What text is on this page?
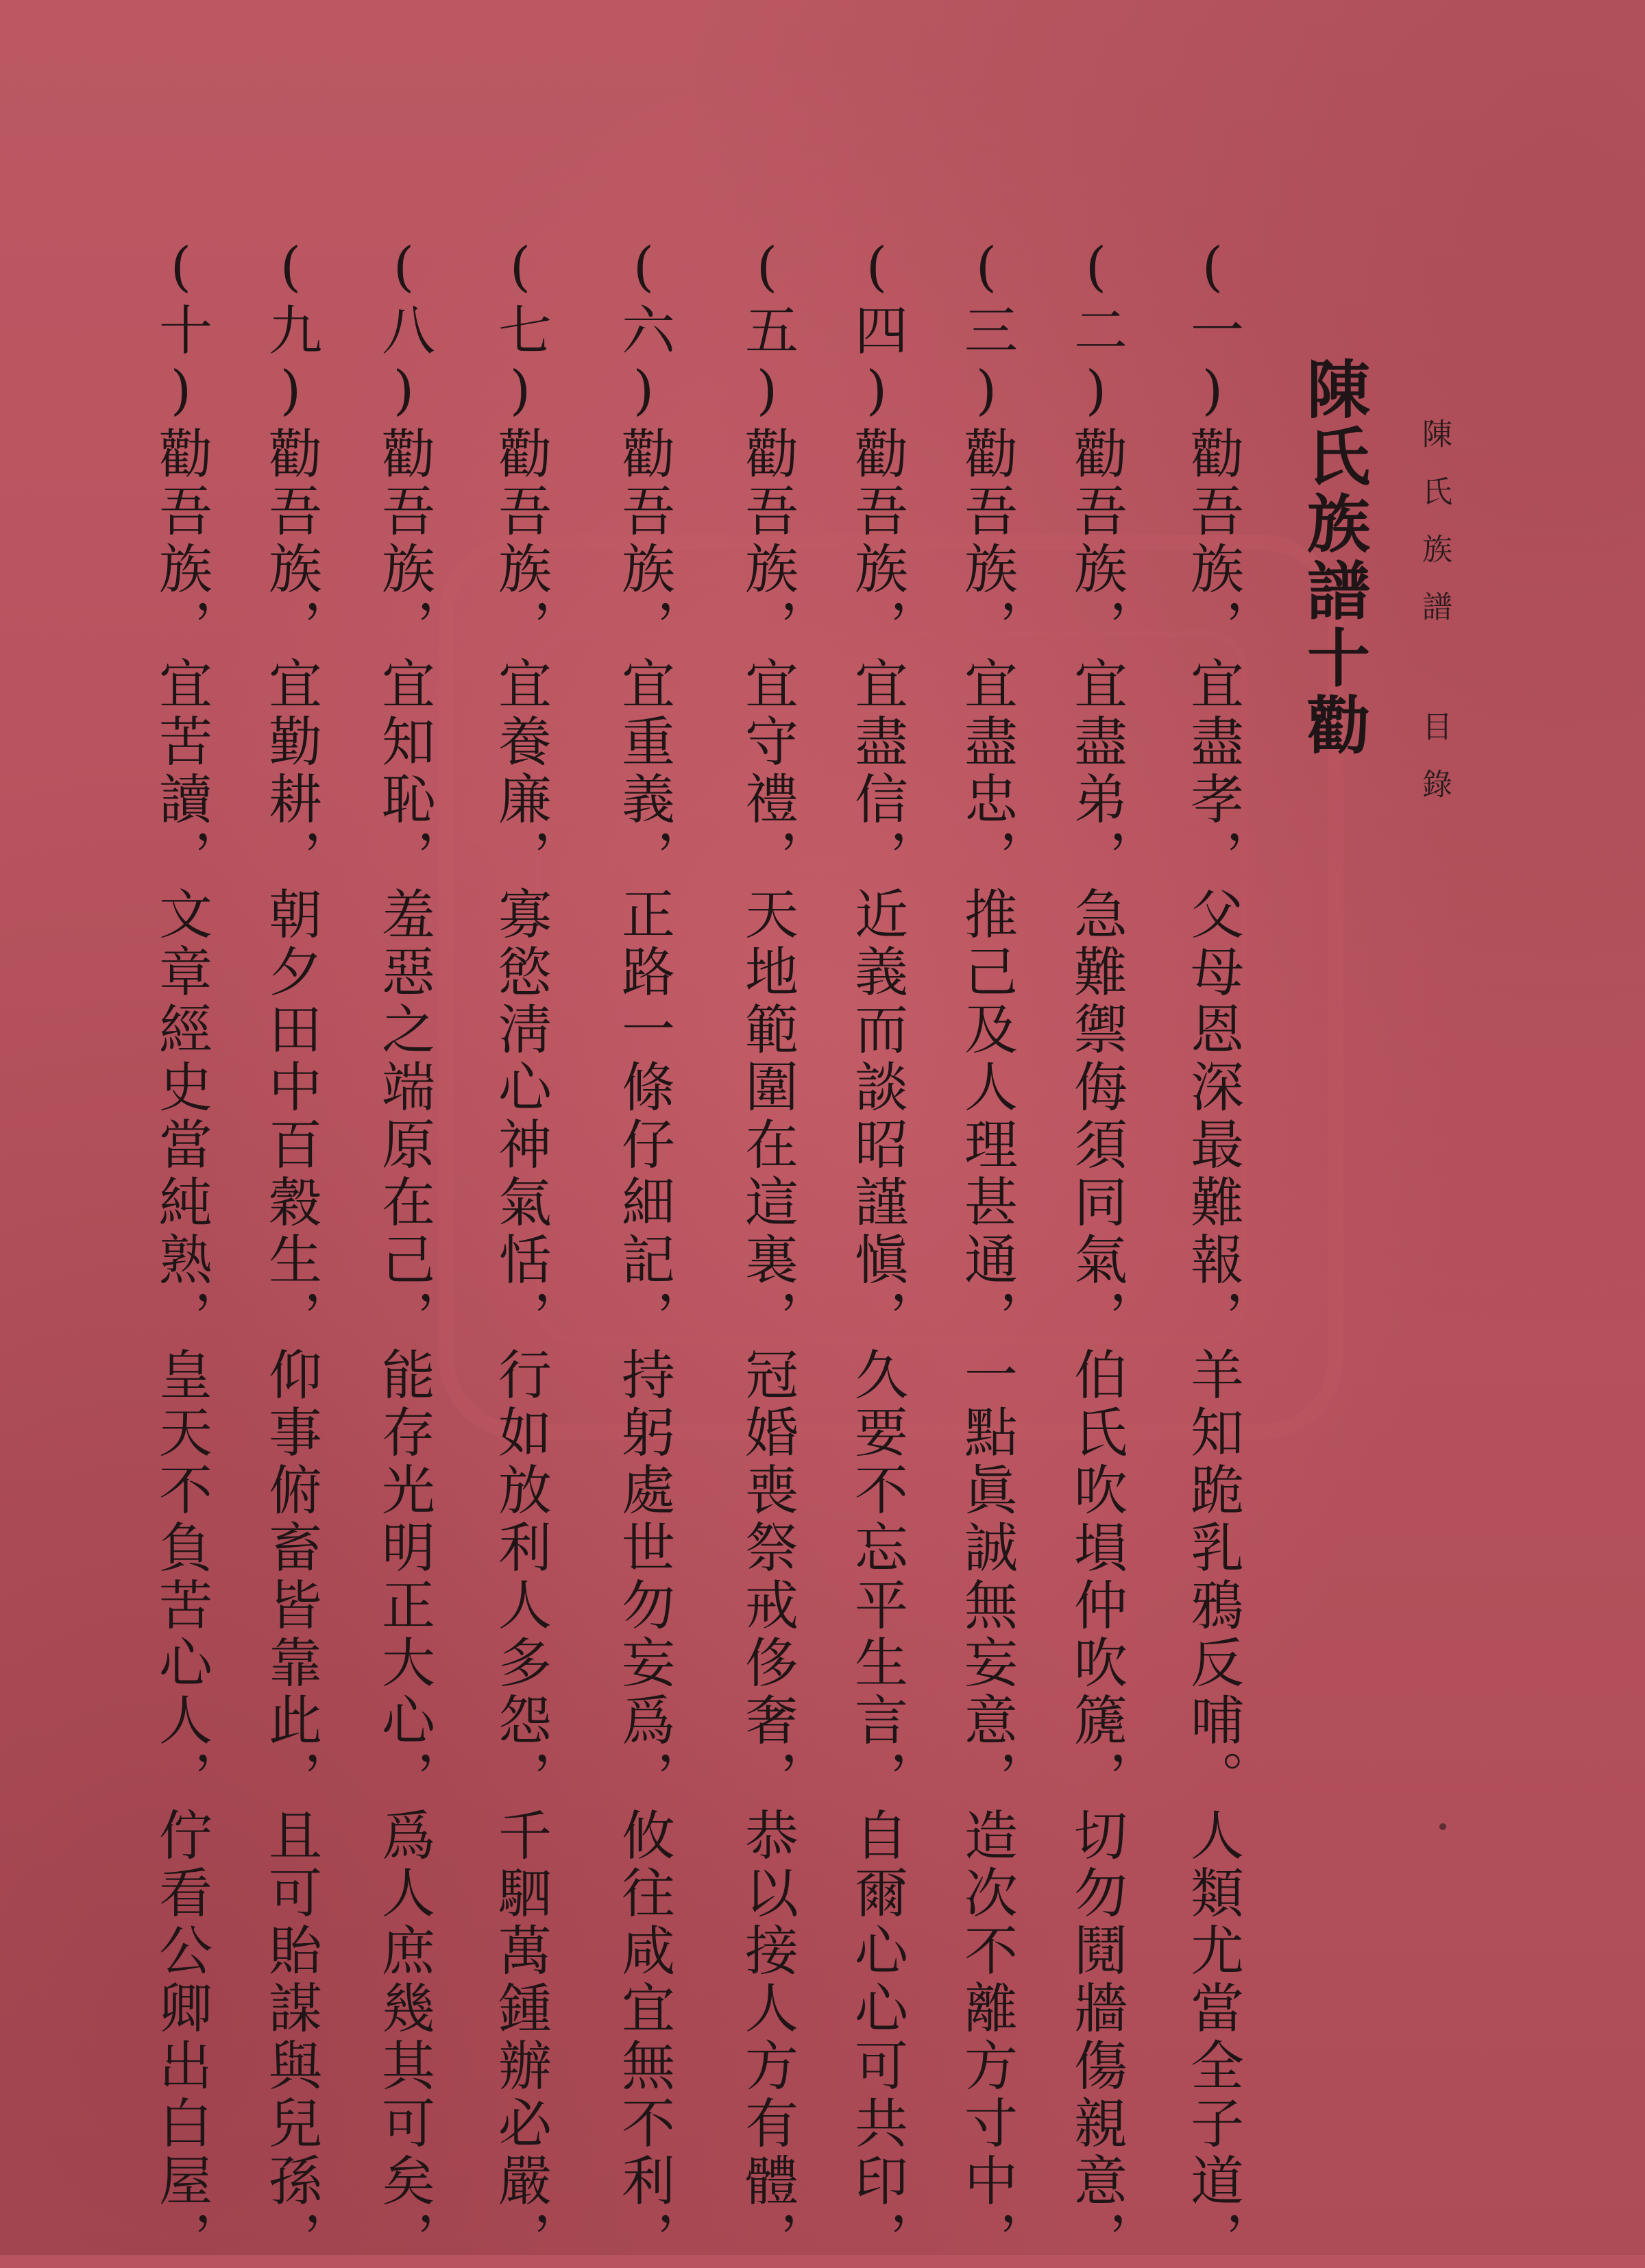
陳氏族譜 目錄
陳氏族譜十勸
(一)勸吾族，宜盡孝，父母恩深最難報，羊知跪乳鴉反哺。人類尤當全子道，
(二)勸吾族，宜盡弟，急難禦侮須同氣，伯氏吹塤仲吹篪，切勿鬩牆傷親意，
(三)勸吾族，宜盡忠，推己及人理甚通，一點眞誠無妄意，造次不離方寸中，
(四)勸吾族，宜盡信，近義而談昭謹愼，久要不忘平生言，自爾心心可共印，
(五)勸吾族，宜守禮，天地範圍在這裏，冠婚喪祭戒侈奢，恭以接人方有體，
(六)勸吾族，宜重義，正路一條仔細記，持躬處世勿妄爲，攸往咸宜無不利，
(七)勸吾族，宜養廉，寡慾淸心神氣恬，行如放利人多怨，千駟萬鍾辦必嚴，
(八)勸吾族，宜知恥，羞惡之端原在己，能存光明正大心，爲人庶幾其可矣，
(九)勸吾族，宜勤耕，朝夕田中百穀生，仰事俯畜皆靠此，且可貽謀與兒孫，
(十)勸吾族，宜苦讀，文章經史當純熟，皇天不負苦心人，佇看公卿出白屋，
